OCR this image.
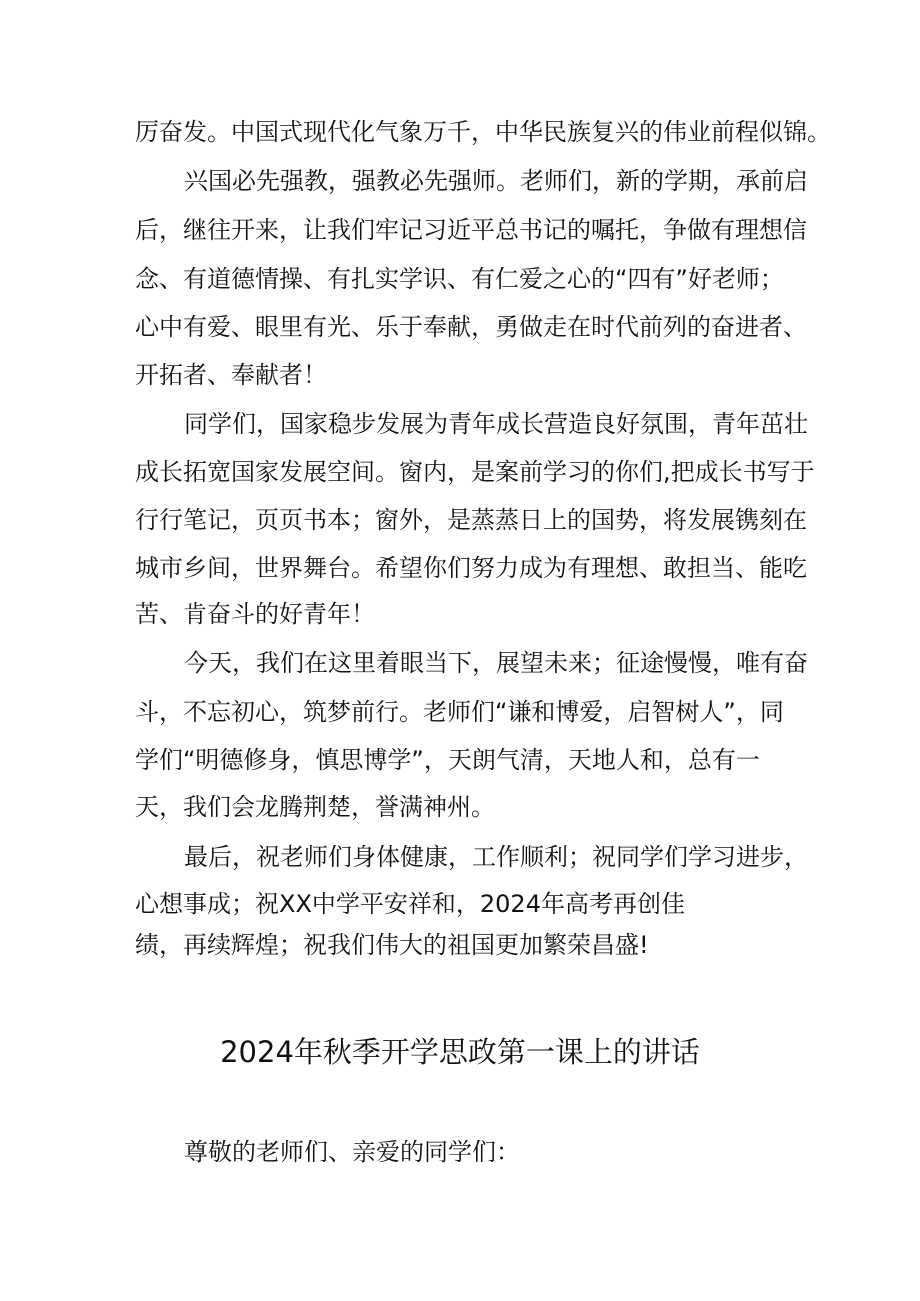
厉奋发。中国式现代化气象万千，中华民族复兴的伟业前程似锦。
兴国必先强教，强教必先强师。老师们，新的学期，承前启
后，继往开来，让我们牢记习近平总书记的嘱托，争做有理想信
念、有道德情操、有扎实学识、有仁爱之心的“四有”好老师；
心中有爱、眼里有光、乐于奉献，勇做走在时代前列的奋进者、
开拓者、奉献者！
同学们，国家稳步发展为青年成长营造良好氛围，青年茁壮
成长拓宽国家发展空间。窗内，是案前学习的你们,把成长书写于
行行笔记，页页书本；窗外，是蒸蒸日上的国势，将发展镌刻在
城市乡间，世界舞台。希望你们努力成为有理想、敢担当、能吃
苦、肯奋斗的好青年！
今天，我们在这里着眼当下，展望未来；征途慢慢，唯有奋
斗，不忘初心，筑梦前行。老师们“谦和博爱，启智树人”，同
学们“明德修身，慎思博学”，天朗气清，天地人和，总有一
天，我们会龙腾荆楚，誉满神州。
最后，祝老师们身体健康，工作顺利；祝同学们学习进步，
心想事成；祝XX中学平安祥和，2024年高考再创佳
绩，再续辉煌；祝我们伟大的祖国更加繁荣昌盛!
2024年秋季开学思政第一课上的讲话
尊敬的老师们、亲爱的同学们：
